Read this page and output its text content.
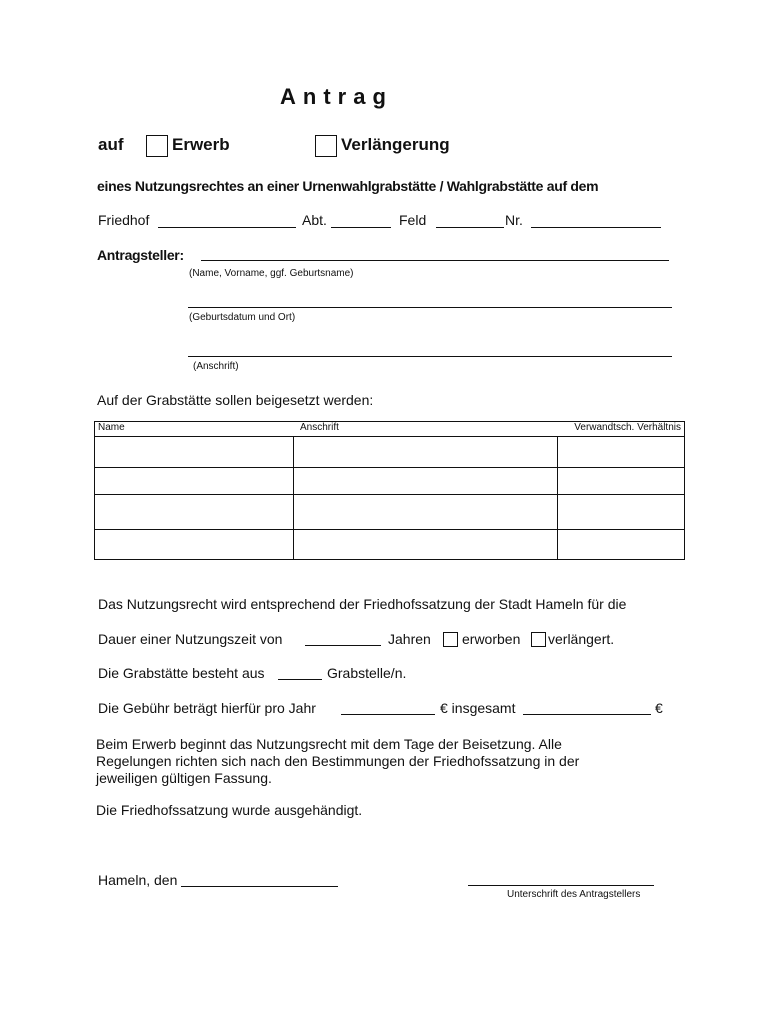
Antrag
auf	Erwerb	Verlängerung
eines Nutzungsrechtes an einer Urnenwahlgrabstätte / Wahlgrabstätte auf dem
Friedhof	Abt.	Feld	Nr.
Antragsteller:
(Name, Vorname, ggf. Geburtsname)
(Geburtsdatum und Ort)
(Anschrift)
Auf der Grabstätte sollen beigesetzt werden:
Name	Anschrift	Verwandtsch. Verhältnis
Das Nutzungsrecht wird entsprechend der Friedhofssatzung der Stadt Hameln für die
Dauer einer Nutzungszeit von	Jahren erworben verlängert.
Die Grabstätte besteht aus	Grabstelle/n.
Die Gebühr beträgt hierfür pro Jahr	€ insgesamt	€
Beim Erwerb beginnt das Nutzungsrecht mit dem Tage der Beisetzung. Alle
Regelungen richten sich nach den Bestimmungen der Friedhofssatzung in der
jeweiligen gültigen Fassung.
Die Friedhofssatzung wurde ausgehändigt.
Hameln, den
Unterschrift des Antragstellers
